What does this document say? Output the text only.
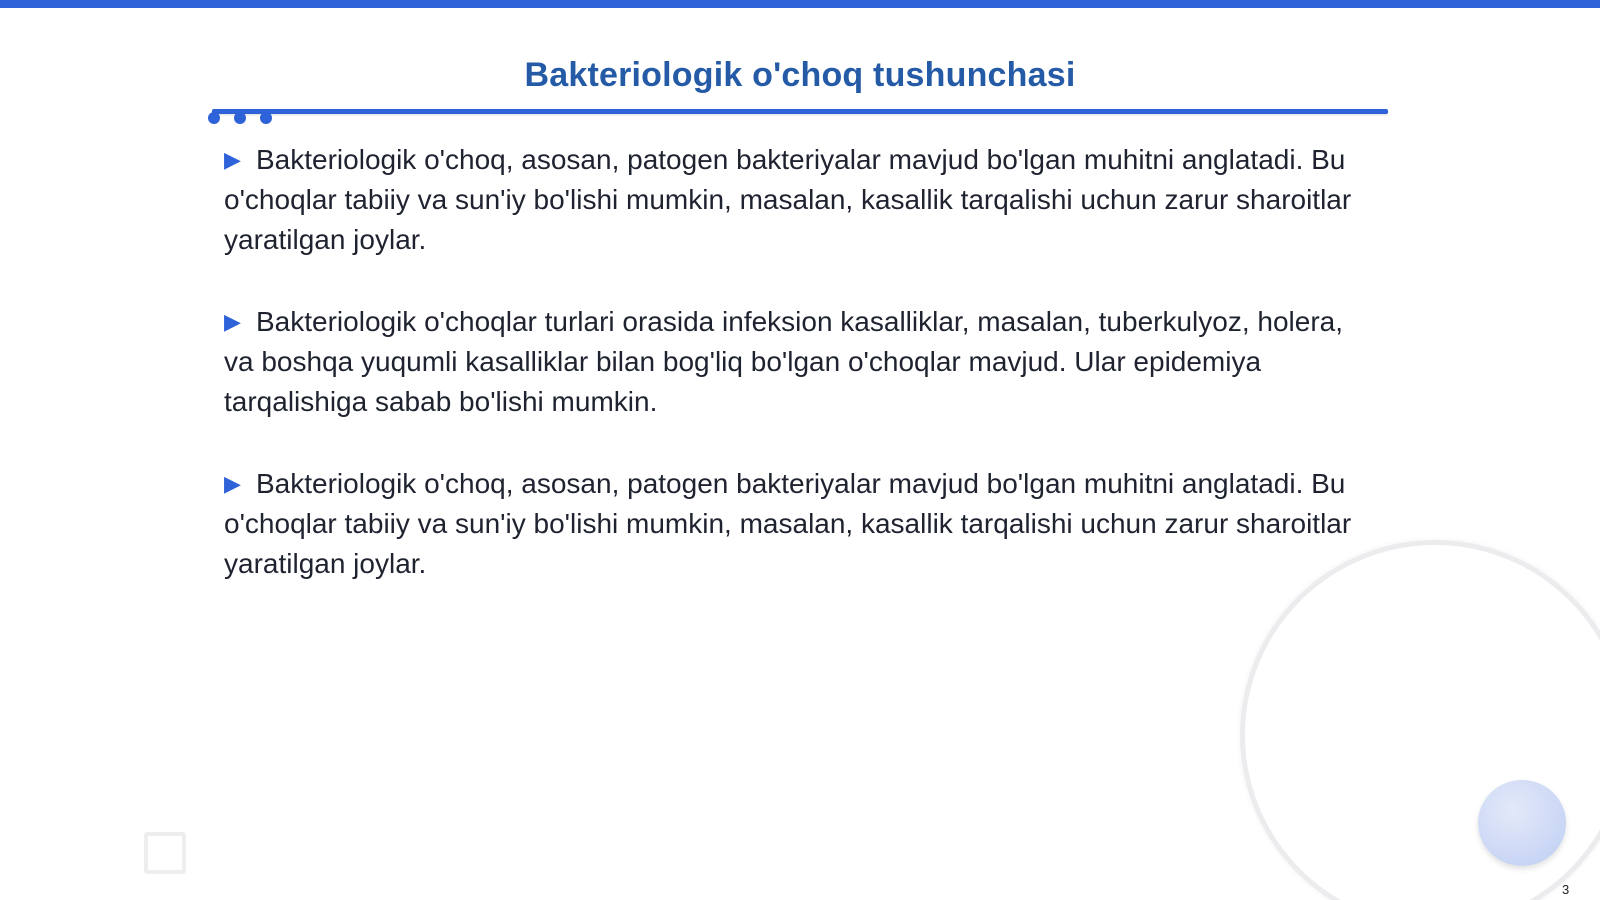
Bakteriologik o'choq tushunchasi

▶ Bakteriologik o'choq, asosan, patogen bakteriyalar mavjud bo'lgan muhitni anglatadi. Bu o'choqlar tabiiy va sun'iy bo'lishi mumkin, masalan, kasallik tarqalishi uchun zarur sharoitlar yaratilgan joylar.

▶ Bakteriologik o'choqlar turlari orasida infeksion kasalliklar, masalan, tuberkulyoz, holera, va boshqa yuqumli kasalliklar bilan bog'liq bo'lgan o'choqlar mavjud. Ular epidemiya tarqalishiga sabab bo'lishi mumkin.

▶ Bakteriologik o'choq, asosan, patogen bakteriyalar mavjud bo'lgan muhitni anglatadi. Bu o'choqlar tabiiy va sun'iy bo'lishi mumkin, masalan, kasallik tarqalishi uchun zarur sharoitlar yaratilgan joylar.

3
